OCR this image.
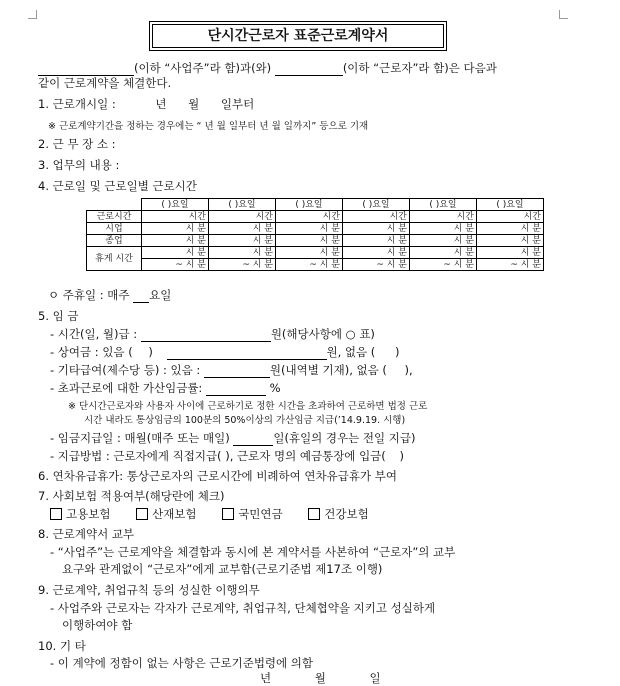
단시간근로자 표준근로계약서
(이하 “사업주”라 함)과(와)	(이하 “근로자”라 함)은 다음과
같이 근로계약을 체결한다.
1. 근로개시일 :	년 월 일부터
※ 근로계약기간을 정하는 경우에는 “ 년 월 일부터 년 월 일까지” 등으로 기재
2. 근 무 장 소 :
3. 업무의 내용 :
4. 근로일 및 근로일별 근로시간
	( )요일	( )요일	( )요일	( )요일	( )요일	( )요일
근로시간	시간	시간	시간	시간	시간	시간
시업	시 분	시 분	시 분	시 분	시 분	시 분
종업	시 분	시 분	시 분	시 분	시 분	시 분
휴게 시간	시 분	시 분	시 분	시 분	시 분	시 분
	~ 시 분	~ 시 분	~ 시 분	~ 시 분	~ 시 분	~ 시 분
ㅇ 주휴일 : 매주 요일
5. 임 금
- 시간(일, 월)급 :	원(해당사항에 ○ 표)
- 상여금 : 있음 ( )	원, 없음 ( )
- 기타급여(제수당 등) : 있음 :	원(내역별 기재), 없음 ( ),
- 초과근로에 대한 가산임금률:	%
※ 단시간근로자와 사용자 사이에 근로하기로 정한 시간을 초과하여 근로하면 법정 근로
시간 내라도 통상임금의 100분의 50%이상의 가산임금 지급(’14.9.19. 시행)
- 임금지급일 : 매월(매주 또는 매일)	일(휴일의 경우는 전일 지급)
- 지급방법 : 근로자에게 직접지급( ), 근로자 명의 예금통장에 입금( )
6. 연차유급휴가: 통상근로자의 근로시간에 비례하여 연차유급휴가 부여
7. 사회보험 적용여부(해당란에 체크)
고용보험	산재보험	국민연금	건강보험
8. 근로계약서 교부
- “사업주”는 근로계약을 체결함과 동시에 본 계약서를 사본하여 “근로자”의 교부
요구와 관계없이 “근로자”에게 교부함(근로기준법 제17조 이행)
9. 근로계약, 취업규칙 등의 성실한 이행의무
- 사업주와 근로자는 각자가 근로계약, 취업규칙, 단체협약을 지키고 성실하게
이행하여야 함
10. 기 타
- 이 계약에 정함이 없는 사항은 근로기준법령에 의함
년	월	일
